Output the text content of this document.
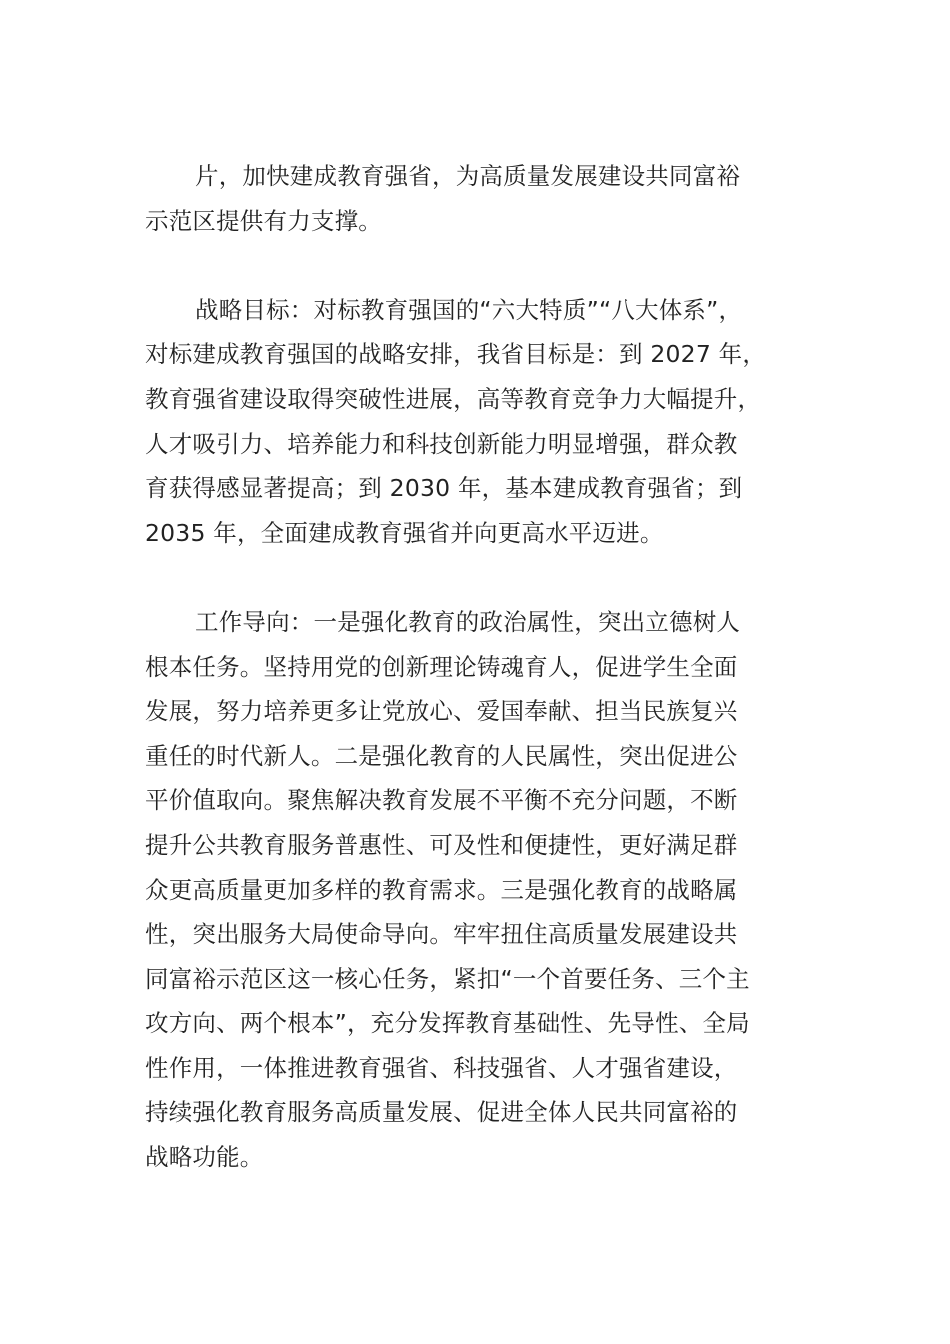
片，加快建成教育强省，为高质量发展建设共同富裕
示范区提供有力支撑。
战略目标：对标教育强国的“六大特质”“八大体系”，
对标建成教育强国的战略安排，我省目标是：到 2027 年，
教育强省建设取得突破性进展，高等教育竞争力大幅提升，
人才吸引力、培养能力和科技创新能力明显增强，群众教
育获得感显著提高；到 2030 年，基本建成教育强省；到
2035 年，全面建成教育强省并向更高水平迈进。
工作导向：一是强化教育的政治属性，突出立德树人
根本任务。坚持用党的创新理论铸魂育人，促进学生全面
发展，努力培养更多让党放心、爱国奉献、担当民族复兴
重任的时代新人。二是强化教育的人民属性，突出促进公
平价值取向。聚焦解决教育发展不平衡不充分问题，不断
提升公共教育服务普惠性、可及性和便捷性，更好满足群
众更高质量更加多样的教育需求。三是强化教育的战略属
性，突出服务大局使命导向。牢牢扭住高质量发展建设共
同富裕示范区这一核心任务，紧扣“一个首要任务、三个主
攻方向、两个根本”，充分发挥教育基础性、先导性、全局
性作用，一体推进教育强省、科技强省、人才强省建设，
持续强化教育服务高质量发展、促进全体人民共同富裕的
战略功能。
